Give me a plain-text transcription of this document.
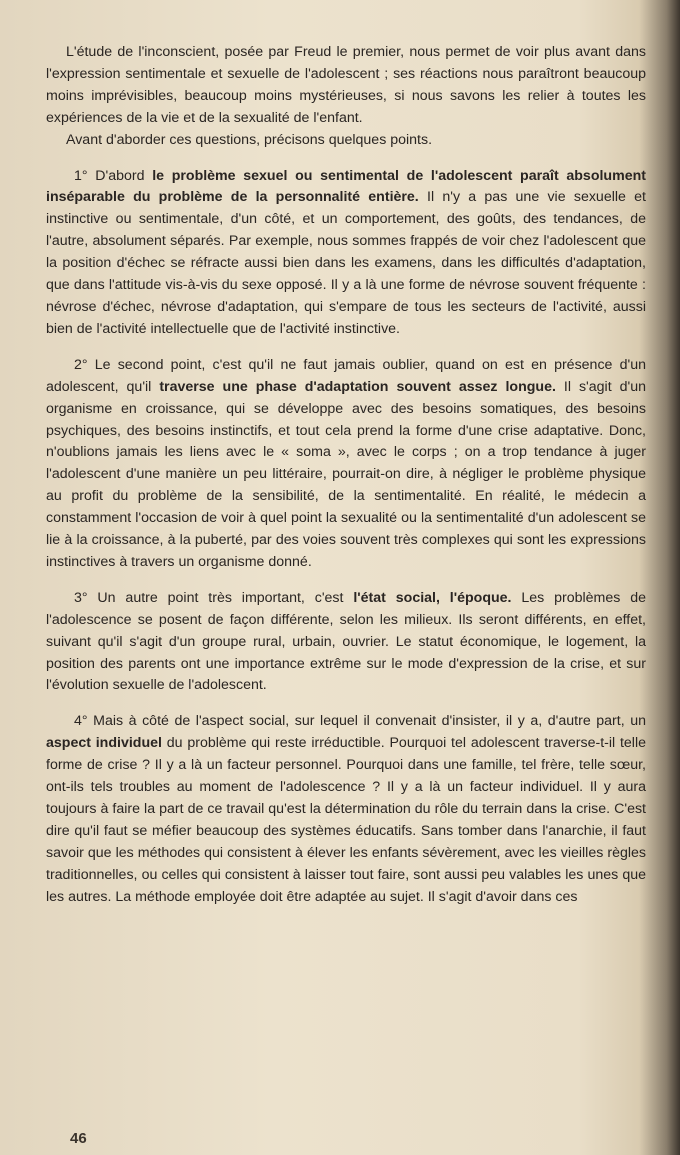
L'étude de l'inconscient, posée par Freud le premier, nous permet de voir plus avant dans l'expression sentimentale et sexuelle de l'adolescent ; ses réactions nous paraîtront beaucoup moins imprévisibles, beaucoup moins mystérieuses, si nous savons les relier à toutes les expériences de la vie et de la sexualité de l'enfant.

Avant d'aborder ces questions, précisons quelques points.

1° D'abord le problème sexuel ou sentimental de l'adolescent paraît absolument inséparable du problème de la personnalité entière. Il n'y a pas une vie sexuelle et instinctive ou sentimentale, d'un côté, et un comportement, des goûts, des tendances, de l'autre, absolument séparés. Par exemple, nous sommes frappés de voir chez l'adolescent que la position d'échec se réfracte aussi bien dans les examens, dans les difficultés d'adaptation, que dans l'attitude vis-à-vis du sexe opposé. Il y a là une forme de névrose souvent fréquente : névrose d'échec, névrose d'adaptation, qui s'empare de tous les secteurs de l'activité, aussi bien de l'activité intellectuelle que de l'activité instinctive.

2° Le second point, c'est qu'il ne faut jamais oublier, quand on est en présence d'un adolescent, qu'il traverse une phase d'adaptation souvent assez longue. Il s'agit d'un organisme en croissance, qui se développe avec des besoins somatiques, des besoins psychiques, des besoins instinctifs, et tout cela prend la forme d'une crise adaptative. Donc, n'oublions jamais les liens avec le « soma », avec le corps ; on a trop tendance à juger l'adolescent d'une manière un peu littéraire, pourrait-on dire, à négliger le problème physique au profit du problème de la sensibilité, de la sentimentalité. En réalité, le médecin a constamment l'occasion de voir à quel point la sexualité ou la sentimentalité d'un adolescent se lie à la croissance, à la puberté, par des voies souvent très complexes qui sont les expressions instinctives à travers un organisme donné.

3° Un autre point très important, c'est l'état social, l'époque. Les problèmes de l'adolescence se posent de façon différente, selon les milieux. Ils seront différents, en effet, suivant qu'il s'agit d'un groupe rural, urbain, ouvrier. Le statut économique, le logement, la position des parents ont une importance extrême sur le mode d'expression de la crise, et sur l'évolution sexuelle de l'adolescent.

4° Mais à côté de l'aspect social, sur lequel il convenait d'insister, il y a, d'autre part, un aspect individuel du problème qui reste irréductible. Pourquoi tel adolescent traverse-t-il telle forme de crise ? Il y a là un facteur personnel. Pourquoi dans une famille, tel frère, telle sœur, ont-ils tels troubles au moment de l'adolescence ? Il y a là un facteur individuel. Il y aura toujours à faire la part de ce travail qu'est la détermination du rôle du terrain dans la crise. C'est dire qu'il faut se méfier beaucoup des systèmes éducatifs. Sans tomber dans l'anarchie, il faut savoir que les méthodes qui consistent à élever les enfants sévèrement, avec les vieilles règles traditionnelles, ou celles qui consistent à laisser tout faire, sont aussi peu valables les unes que les autres. La méthode employée doit être adaptée au sujet. Il s'agit d'avoir dans ces

46
